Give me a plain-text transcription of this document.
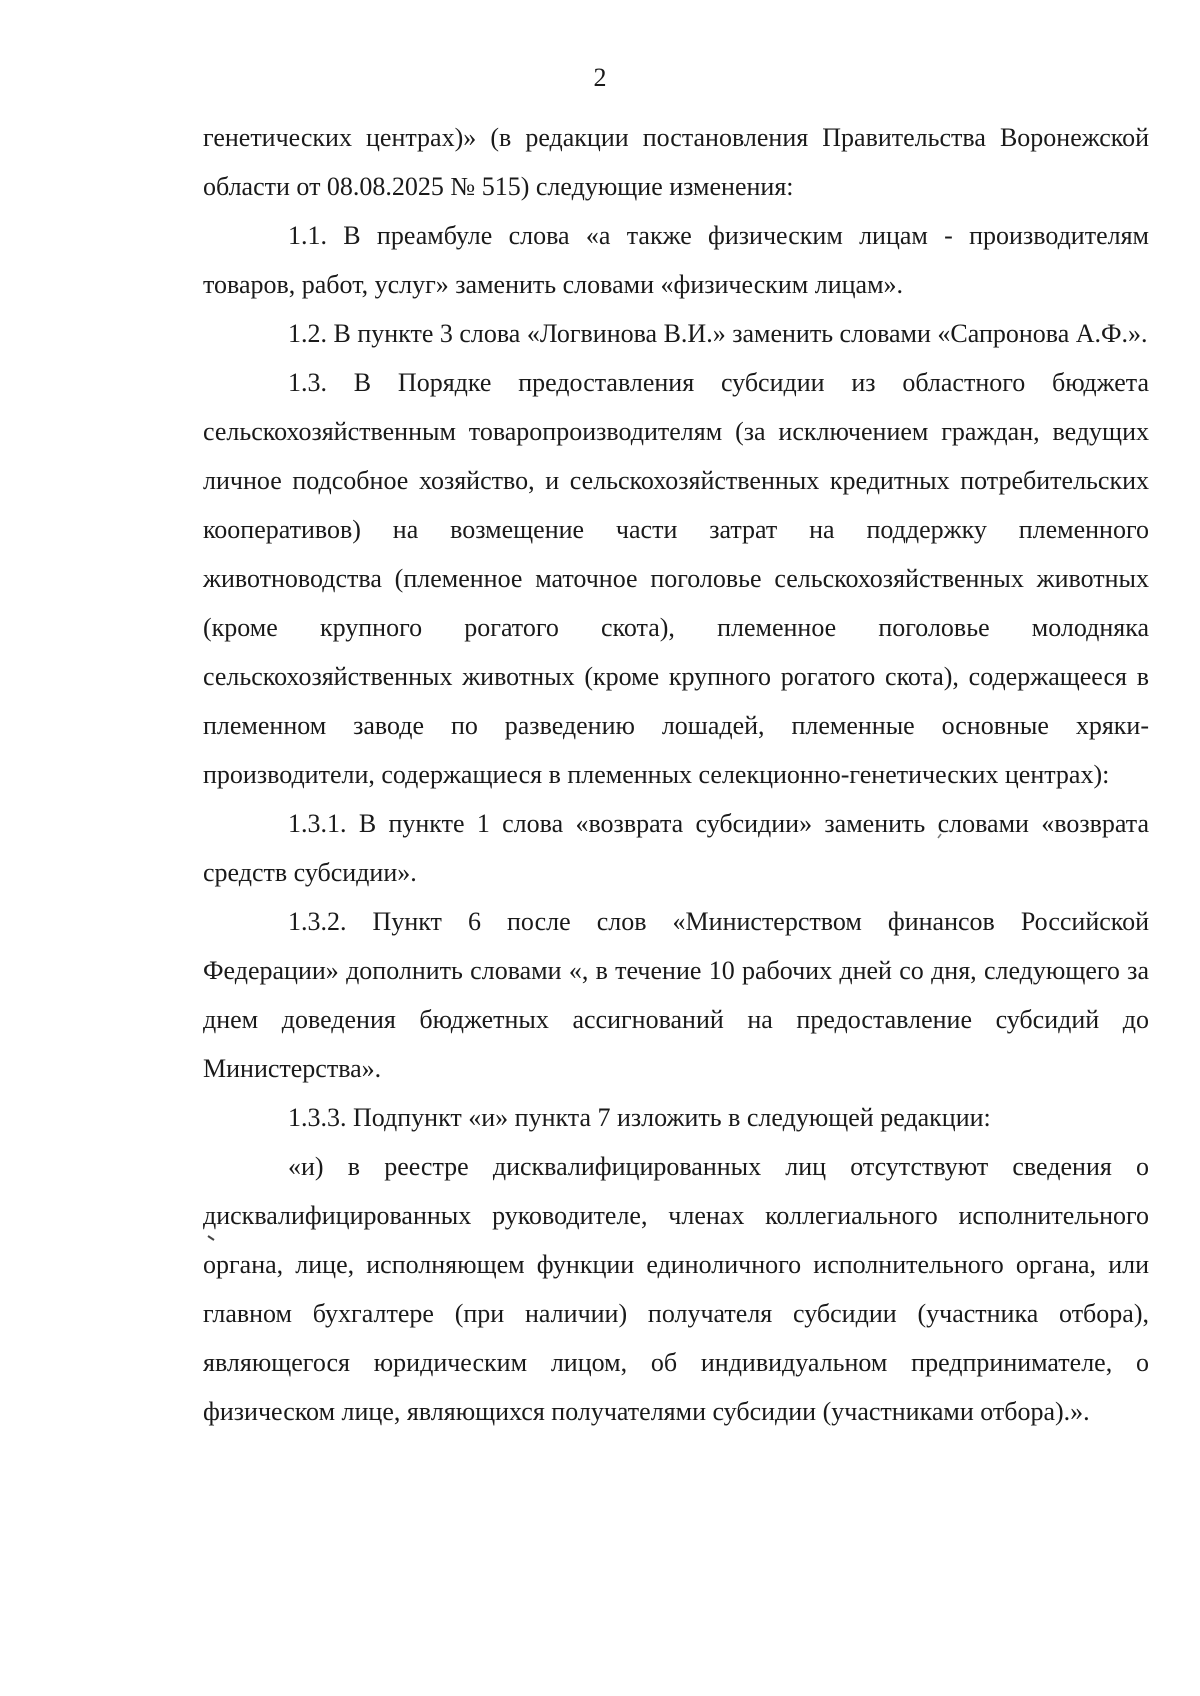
2

генетических центрах)» (в редакции постановления Правительства Воронежской области от 08.08.2025 № 515) следующие изменения:

1.1. В преамбуле слова «а также физическим лицам - производителям товаров, работ, услуг» заменить словами «физическим лицам».

1.2. В пункте 3 слова «Логвинова В.И.» заменить словами «Сапронова А.Ф.».

1.3. В Порядке предоставления субсидии из областного бюджета сельскохозяйственным товаропроизводителям (за исключением граждан, ведущих личное подсобное хозяйство, и сельскохозяйственных кредитных потребительских кооперативов) на возмещение части затрат на поддержку племенного животноводства (племенное маточное поголовье сельскохозяйственных животных (кроме крупного рогатого скота), племенное поголовье молодняка сельскохозяйственных животных (кроме крупного рогатого скота), содержащееся в племенном заводе по разведению лошадей, племенные основные хряки-производители, содержащиеся в племенных селекционно-генетических центрах):

1.3.1. В пункте 1 слова «возврата субсидии» заменить словами «возврата средств субсидии».

1.3.2. Пункт 6 после слов «Министерством финансов Российской Федерации» дополнить словами «, в течение 10 рабочих дней со дня, следующего за днем доведения бюджетных ассигнований на предоставление субсидий до Министерства».

1.3.3. Подпункт «и» пункта 7 изложить в следующей редакции:

«и) в реестре дисквалифицированных лиц отсутствуют сведения о дисквалифицированных руководителе, членах коллегиального исполнительного органа, лице, исполняющем функции единоличного исполнительного органа, или главном бухгалтере (при наличии) получателя субсидии (участника отбора), являющегося юридическим лицом, об индивидуальном предпринимателе, о физическом лице, являющихся получателями субсидии (участниками отбора).».
